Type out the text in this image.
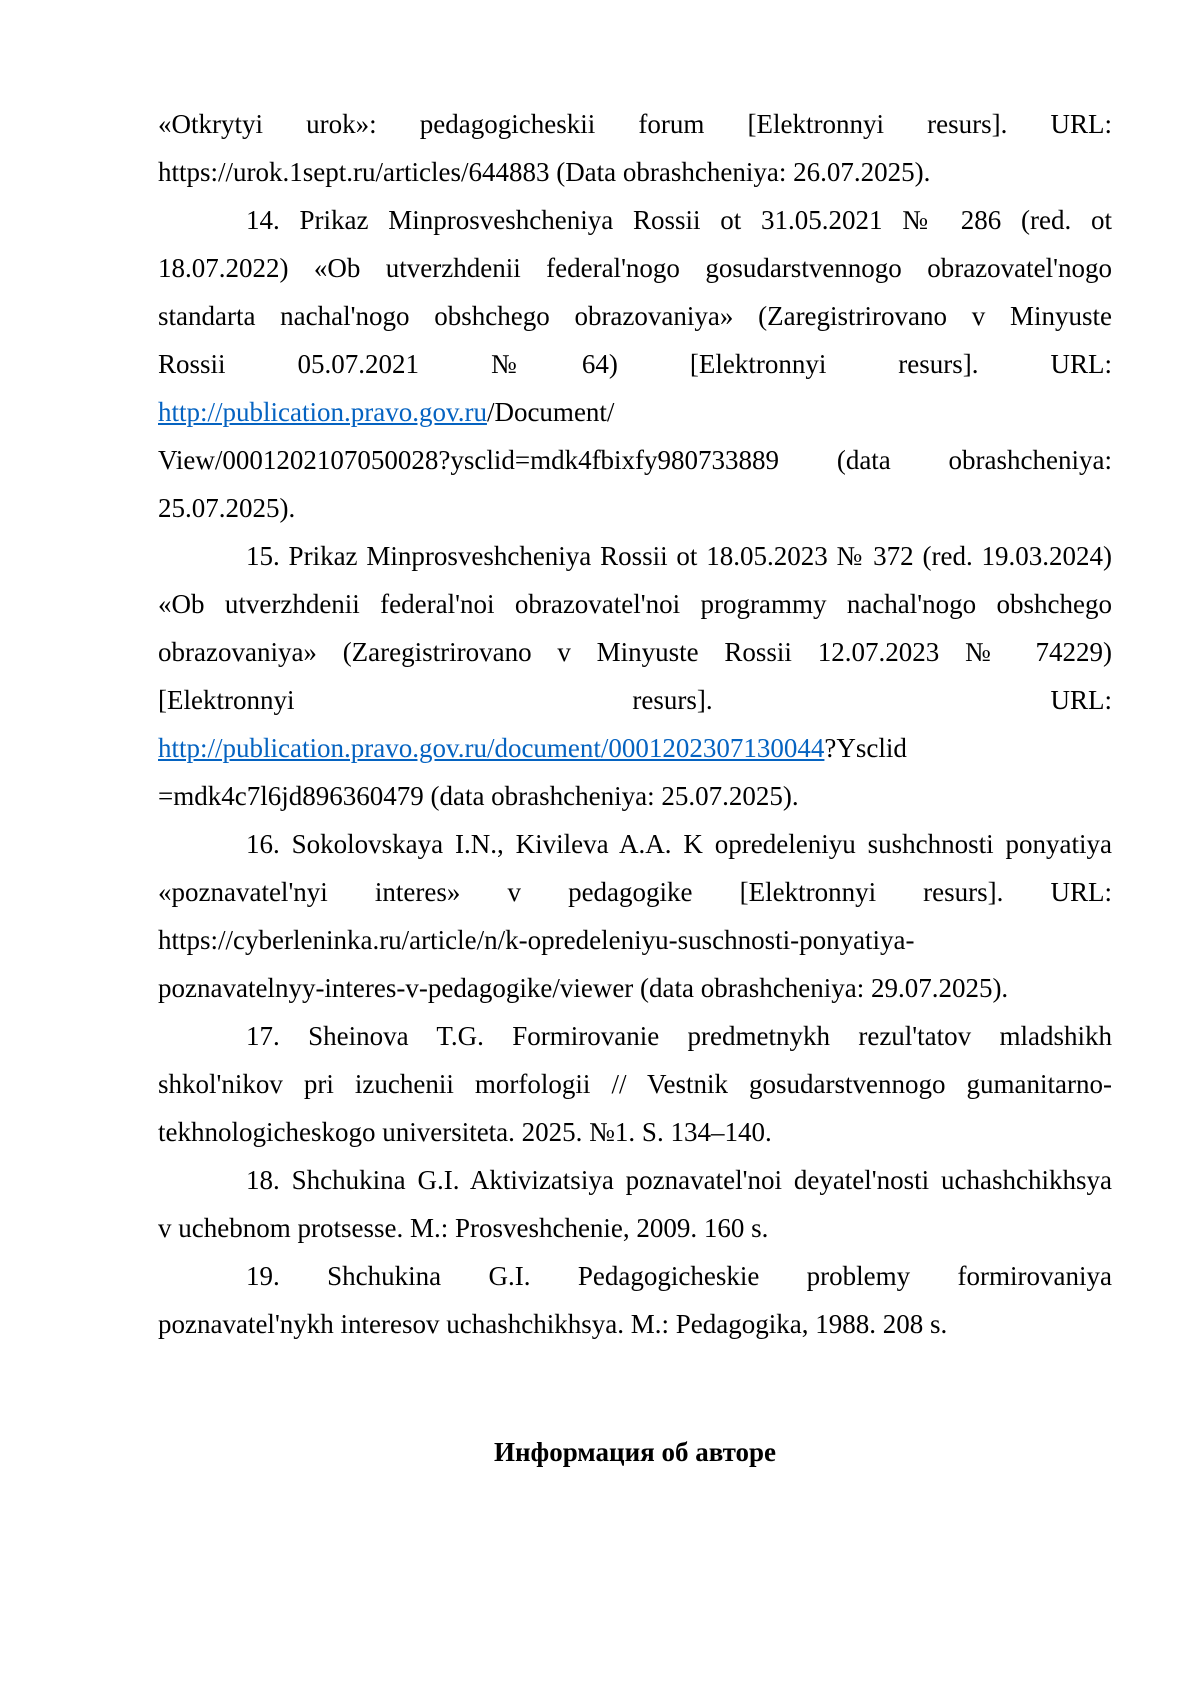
«Otkrytyi urok»: pedagogicheskii forum [Elektronnyi resurs]. URL:
https://urok.1sept.ru/articles/644883 (Data obrashcheniya: 26.07.2025).
14. Prikaz Minprosveshcheniya Rossii ot 31.05.2021 № 286 (red. ot
18.07.2022) «Ob utverzhdenii federal'nogo gosudarstvennogo obrazovatel'nogo
standarta nachal'nogo obshchego obrazovaniya» (Zaregistrirovano v Minyuste
Rossii 05.07.2021 №64) [Elektronnyi resurs]. URL:
http://publication.pravo.gov.ru/Document/
View/0001202107050028?ysclid=mdk4fbixfy980733889 (data obrashcheniya:
25.07.2025).
15. Prikaz Minprosveshcheniya Rossii ot 18.05.2023 № 372 (red. 19.03.2024)
«Ob utverzhdenii federal'noi obrazovatel'noi programmy nachal'nogo obshchego
obrazovaniya» (Zaregistrirovano v Minyuste Rossii 12.07.2023 № 74229)
[Elektronnyi resurs]. URL:
http://publication.pravo.gov.ru/document/0001202307130044?Ysclid
=mdk4c7l6jd896360479 (data obrashcheniya: 25.07.2025).
16. Sokolovskaya I.N., Kivileva A.A. K opredeleniyu sushchnosti ponyatiya
«poznavatel'nyi interes» v pedagogike [Elektronnyi resurs]. URL:
https://cyberleninka.ru/article/n/k-opredeleniyu-suschnosti-ponyatiya-
poznavatelnyy-interes-v-pedagogike/viewer (data obrashcheniya: 29.07.2025).
17. Sheinova T.G. Formirovanie predmetnykh rezul'tatov mladshikh
shkol'nikov pri izuchenii morfologii // Vestnik gosudarstvennogo gumanitarno-
tekhnologicheskogo universiteta. 2025. №1. S. 134–140.
18. Shchukina G.I. Aktivizatsiya poznavatel'noi deyatel'nosti uchashchikhsya
v uchebnom protsesse. M.: Prosveshchenie, 2009. 160 s.
19. Shchukina G.I. Pedagogicheskie problemy formirovaniya
poznavatel'nykh interesov uchashchikhsya. M.: Pedagogika, 1988. 208 s.
Информация об авторе
